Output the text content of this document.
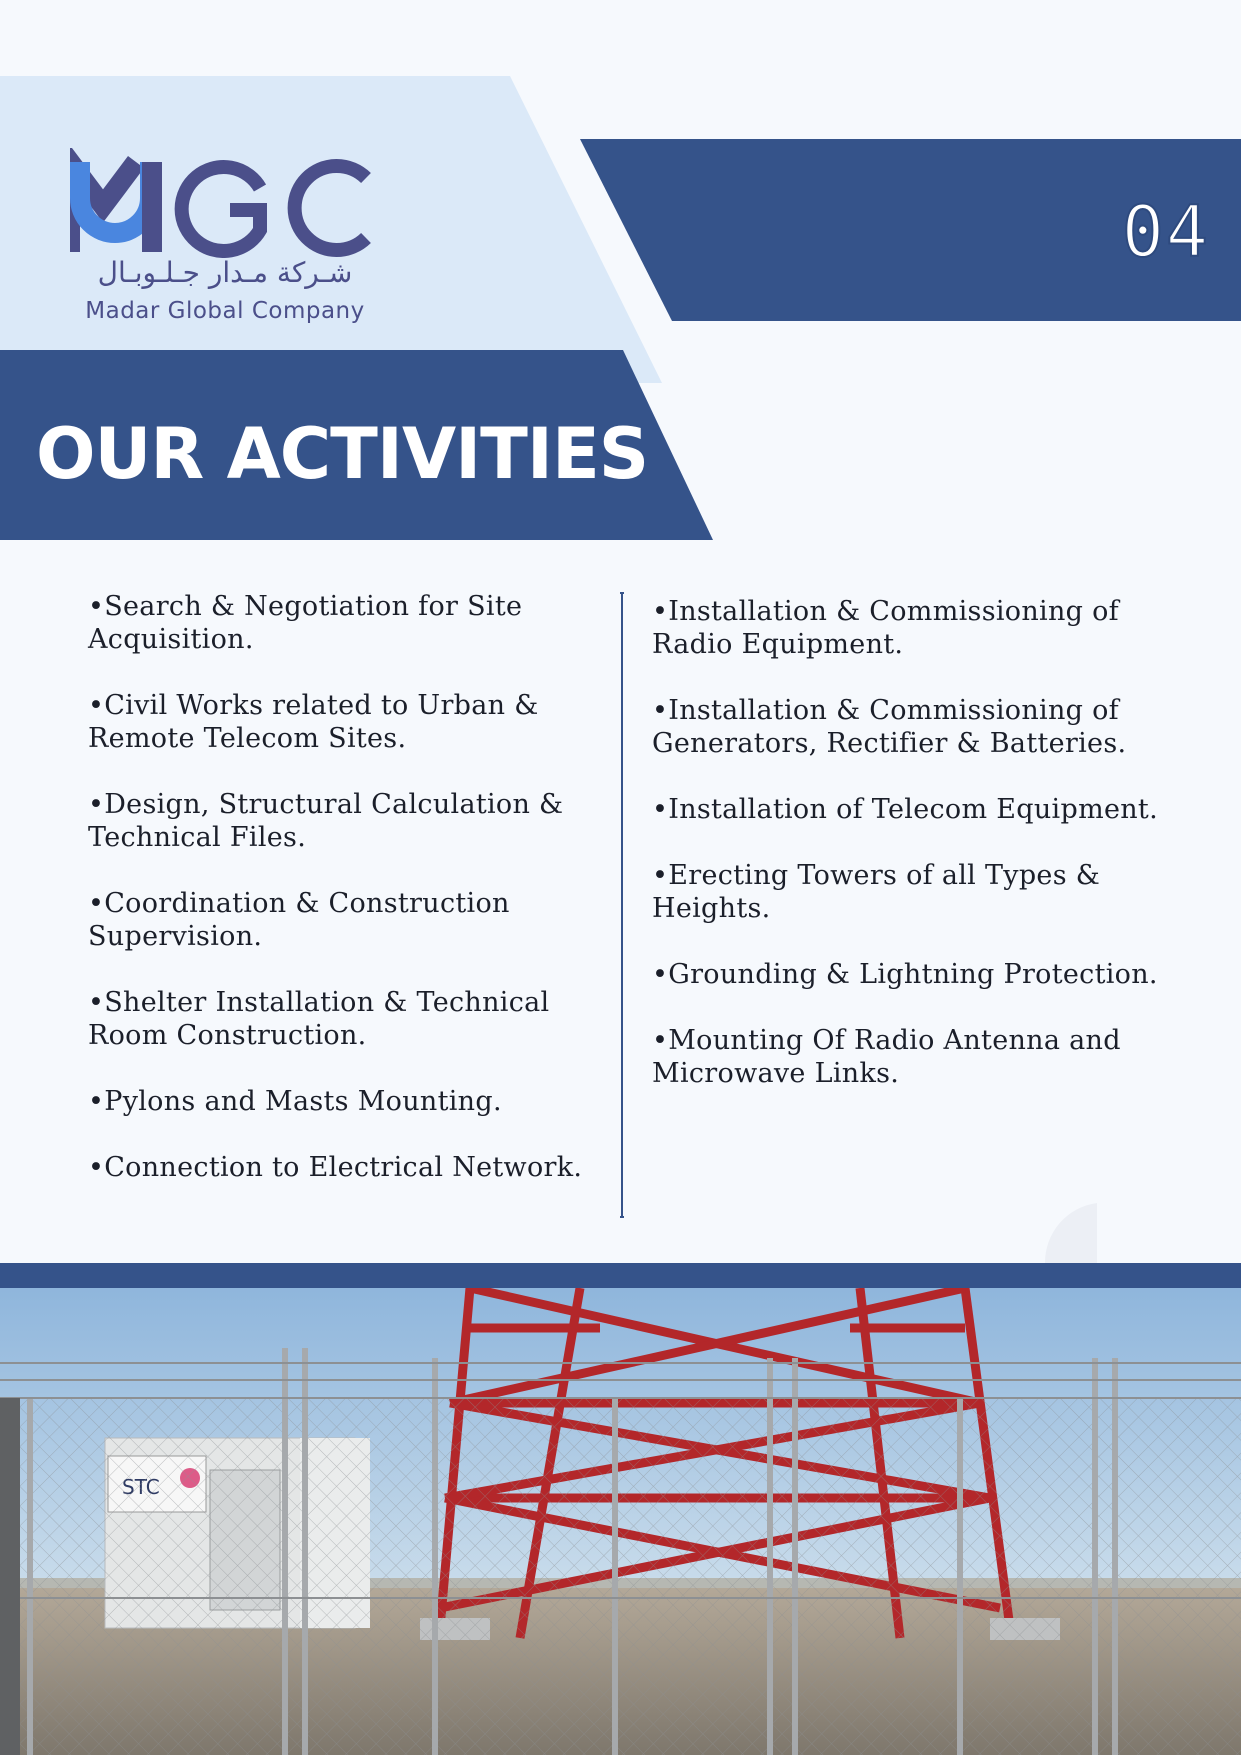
شـركة مـدار جـلـوبـال
Madar Global Company
04
OUR ACTIVITIES

•Search & Negotiation for Site Acquisition.

•Civil Works related to Urban & Remote Telecom Sites.

•Design, Structural Calculation & Technical Files.

•Coordination & Construction Supervision.

•Shelter Installation & Technical Room Construction.

•Pylons and Masts Mounting.

•Connection to Electrical Network.

•Installation & Commissioning of Radio Equipment.

•Installation & Commissioning of Generators, Rectifier & Batteries.

•Installation of Telecom Equipment.

•Erecting Towers of all Types & Heights.

•Grounding & Lightning Protection.

•Mounting Of Radio Antenna and Microwave Links.
